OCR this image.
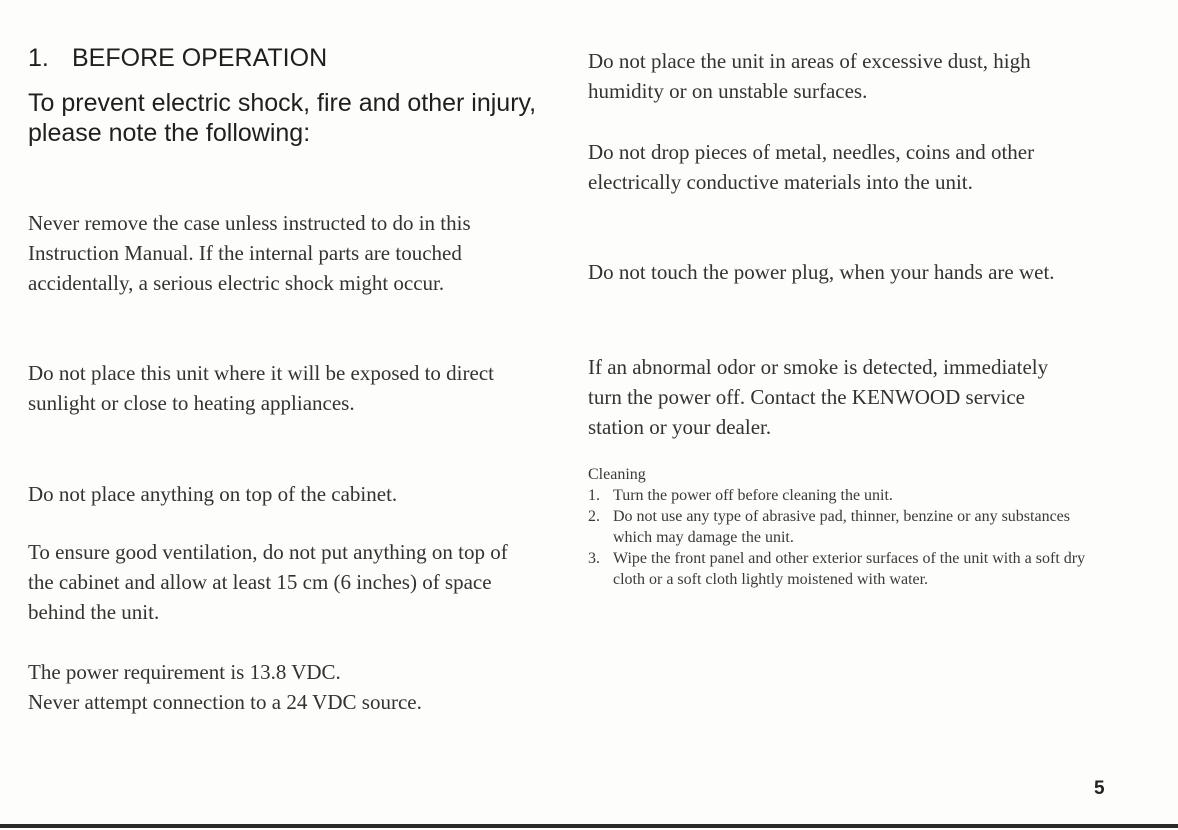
1. BEFORE OPERATION
To prevent electric shock, fire and other injury, please note the following:

Never remove the case unless instructed to do in this Instruction Manual. If the internal parts are touched accidentally, a serious electric shock might occur.

Do not place this unit where it will be exposed to direct sunlight or close to heating appliances.

Do not place anything on top of the cabinet.

To ensure good ventilation, do not put anything on top of the cabinet and allow at least 15 cm (6 inches) of space behind the unit.

The power requirement is 13.8 VDC.

Never attempt connection to a 24 VDC source.

Do not place the unit in areas of excessive dust, high humidity or on unstable surfaces.

Do not drop pieces of metal, needles, coins and other electrically conductive materials into the unit.

Do not touch the power plug, when your hands are wet.

If an abnormal odor or smoke is detected, immediately turn the power off. Contact the KENWOOD service station or your dealer.

Cleaning

1. Turn the power off before cleaning the unit.
2. Do not use any type of abrasive pad, thinner, benzine or any substances which may damage the unit.
3. Wipe the front panel and other exterior surfaces of the unit with a soft dry cloth or a soft cloth lightly moistened with water.
5
